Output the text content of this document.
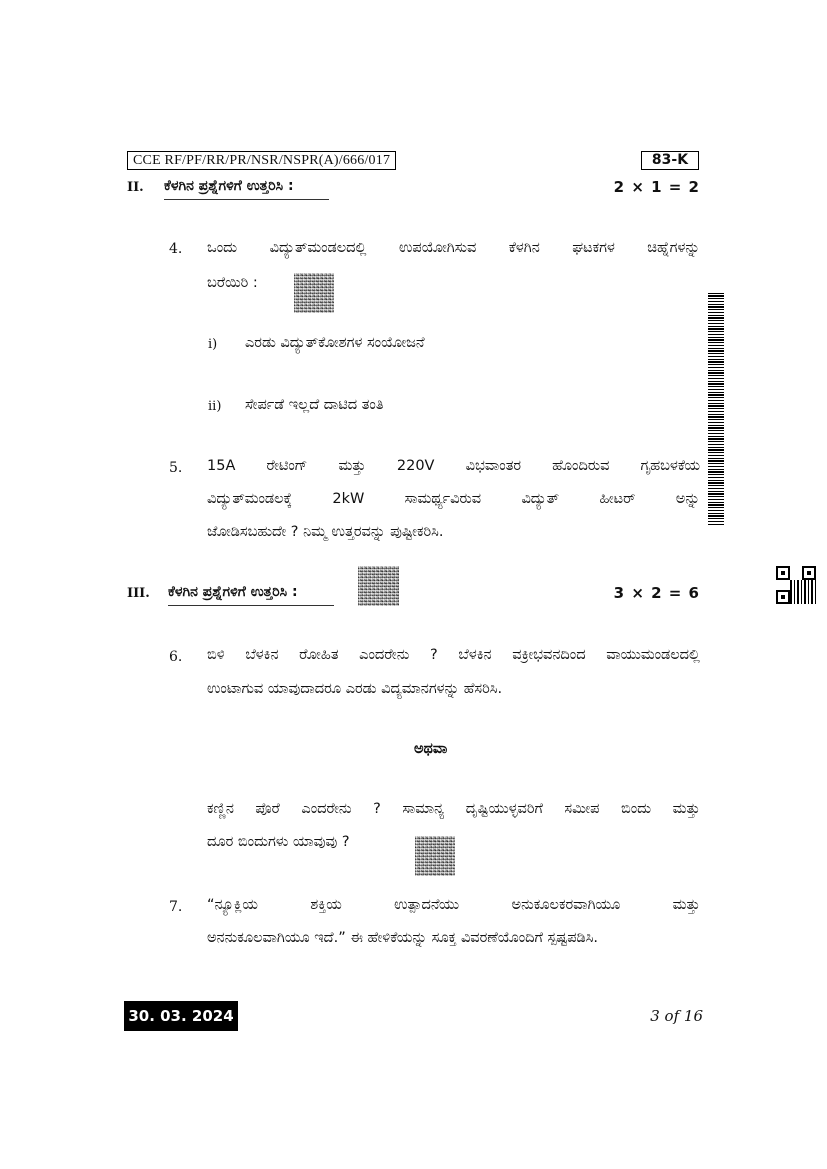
CCE RF/PF/RR/PR/NSR/NSPR(A)/666/017	83-K
II. ಕೆಳಗಿನ ಪ್ರಶ್ನೆಗಳಿಗೆ ಉತ್ತರಿಸಿ :	2 × 1 = 2
4. ಒಂದು ವಿದ್ಯುತ್‌ಮಂಡಲದಲ್ಲಿ ಉಪಯೋಗಿಸುವ ಕೆಳಗಿನ ಘಟಕಗಳ ಚಿಹ್ನೆಗಳನ್ನು
ಬರೆಯಿರಿ :
i) ಎರಡು ವಿದ್ಯುತ್‌ಕೋಶಗಳ ಸಂಯೋಜನೆ
ii) ಸೇರ್ಪಡೆ ಇಲ್ಲದೆ ದಾಟಿದ ತಂತಿ
5. 15A ರೇಟಿಂಗ್ ಮತ್ತು 220V ವಿಭವಾಂತರ ಹೊಂದಿರುವ ಗೃಹಬಳಕೆಯ
ವಿದ್ಯುತ್‌ಮಂಡಲಕ್ಕೆ 2kW ಸಾಮರ್ಥ್ಯವಿರುವ ವಿದ್ಯುತ್ ಹೀಟರ್ ಅನ್ನು
ಜೋಡಿಸಬಹುದೇ ? ನಿಮ್ಮ ಉತ್ತರವನ್ನು ಪುಷ್ಟೀಕರಿಸಿ.
III. ಕೆಳಗಿನ ಪ್ರಶ್ನೆಗಳಿಗೆ ಉತ್ತರಿಸಿ :	3 × 2 = 6
6. ಬಿಳಿ ಬೆಳಕಿನ ರೋಹಿತ ಎಂದರೇನು ? ಬೆಳಕಿನ ವಕ್ರೀಭವನದಿಂದ ವಾಯುಮಂಡಲದಲ್ಲಿ
ಉಂಟಾಗುವ ಯಾವುದಾದರೂ ಎರಡು ವಿದ್ಯಮಾನಗಳನ್ನು ಹೆಸರಿಸಿ.
ಅಥವಾ
ಕಣ್ಣಿನ ಪೊರೆ ಎಂದರೇನು ? ಸಾಮಾನ್ಯ ದೃಷ್ಟಿಯುಳ್ಳವರಿಗೆ ಸಮೀಪ ಬಿಂದು ಮತ್ತು
ದೂರ ಬಿಂದುಗಳು ಯಾವುವು ?
7. “ನ್ಯೂಕ್ಲಿಯ ಶಕ್ತಿಯ ಉತ್ಪಾದನೆಯು ಅನುಕೂಲಕರವಾಗಿಯೂ ಮತ್ತು
ಅನನುಕೂಲವಾಗಿಯೂ ಇದೆ.” ಈ ಹೇಳಿಕೆಯನ್ನು ಸೂಕ್ತ ವಿವರಣೆಯೊಂದಿಗೆ ಸ್ಪಷ್ಟಪಡಿಸಿ.
30. 03. 2024	3 of 16
